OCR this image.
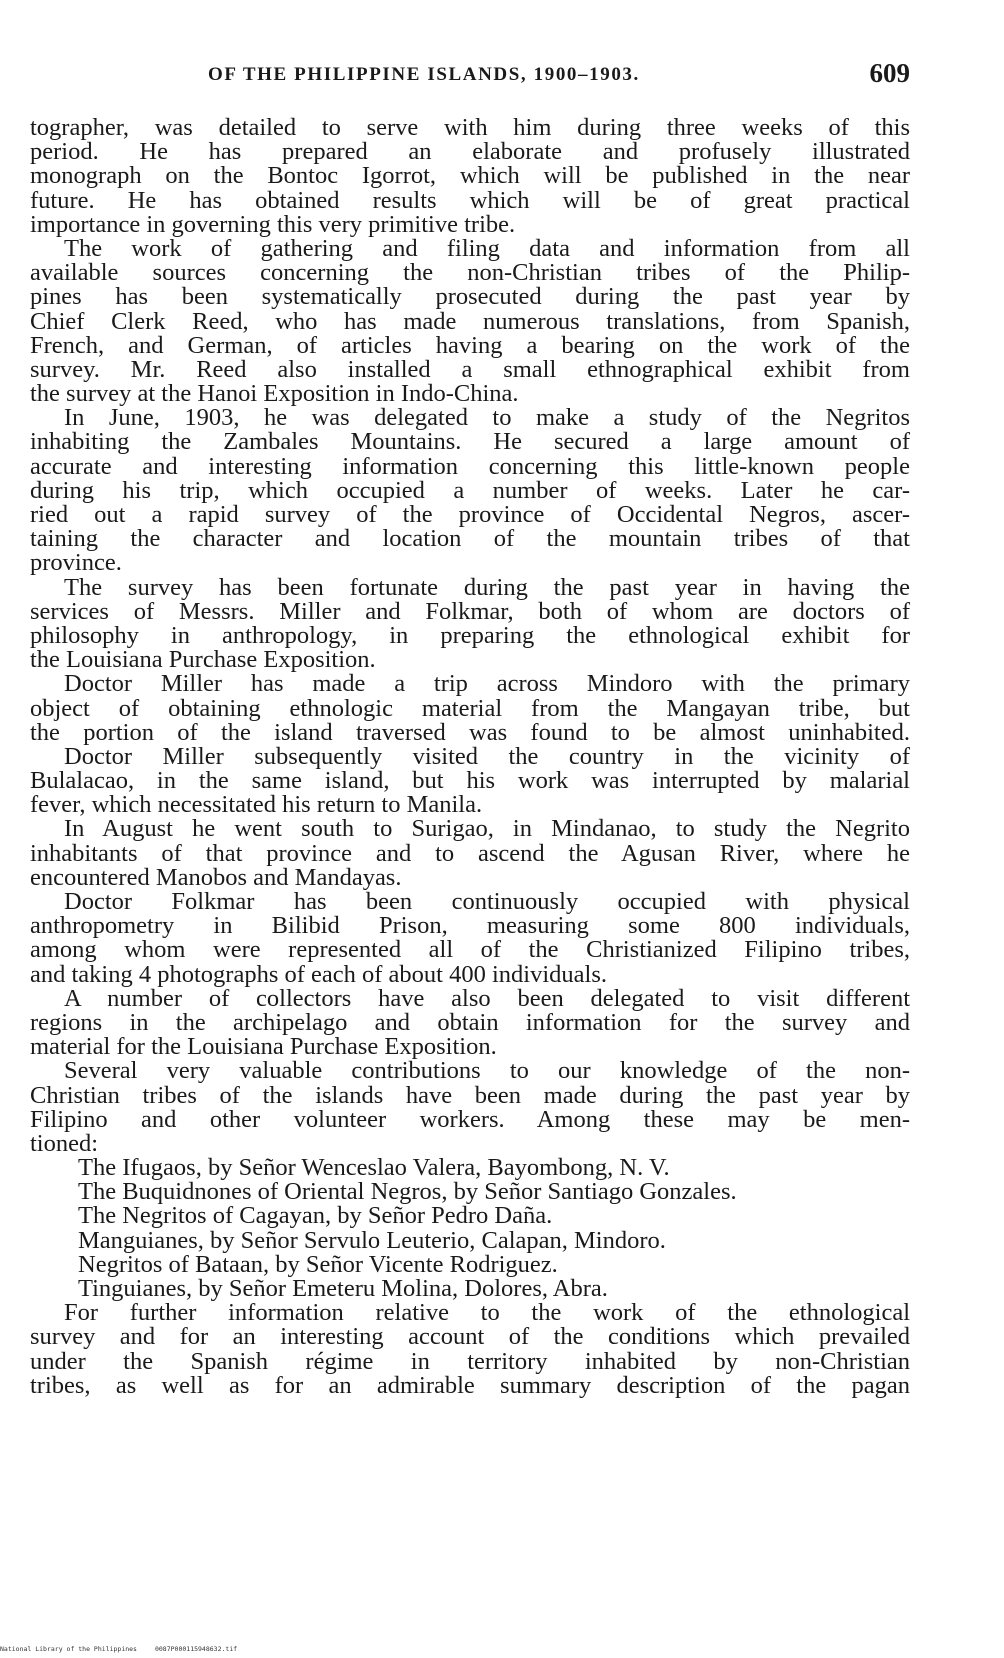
OF THE PHILIPPINE ISLANDS, 1900–1903.	609
tographer, was detailed to serve with him during three weeks of this
period. He has prepared an elaborate and profusely illustrated
monograph on the Bontoc Igorrot, which will be published in the near
future. He has obtained results which will be of great practical
importance in governing this very primitive tribe.
The work of gathering and filing data and information from all
available sources concerning the non-Christian tribes of the Philip-
pines has been systematically prosecuted during the past year by
Chief Clerk Reed, who has made numerous translations, from Spanish,
French, and German, of articles having a bearing on the work of the
survey. Mr. Reed also installed a small ethnographical exhibit from
the survey at the Hanoi Exposition in Indo-China.
In June, 1903, he was delegated to make a study of the Negritos
inhabiting the Zambales Mountains. He secured a large amount of
accurate and interesting information concerning this little-known people
during his trip, which occupied a number of weeks. Later he car-
ried out a rapid survey of the province of Occidental Negros, ascer-
taining the character and location of the mountain tribes of that
province.
The survey has been fortunate during the past year in having the
services of Messrs. Miller and Folkmar, both of whom are doctors of
philosophy in anthropology, in preparing the ethnological exhibit for
the Louisiana Purchase Exposition.
Doctor Miller has made a trip across Mindoro with the primary
object of obtaining ethnologic material from the Mangayan tribe, but
the portion of the island traversed was found to be almost uninhabited.
Doctor Miller subsequently visited the country in the vicinity of
Bulalacao, in the same island, but his work was interrupted by malarial
fever, which necessitated his return to Manila.
In August he went south to Surigao, in Mindanao, to study the Negrito
inhabitants of that province and to ascend the Agusan River, where he
encountered Manobos and Mandayas.
Doctor Folkmar has been continuously occupied with physical
anthropometry in Bilibid Prison, measuring some 800 individuals,
among whom were represented all of the Christianized Filipino tribes,
and taking 4 photographs of each of about 400 individuals.
A number of collectors have also been delegated to visit different
regions in the archipelago and obtain information for the survey and
material for the Louisiana Purchase Exposition.
Several very valuable contributions to our knowledge of the non-
Christian tribes of the islands have been made during the past year by
Filipino and other volunteer workers. Among these may be men-
tioned:
The Ifugaos, by Señor Wenceslao Valera, Bayombong, N. V.
The Buquidnones of Oriental Negros, by Señor Santiago Gonzales.
The Negritos of Cagayan, by Señor Pedro Daña.
Manguianes, by Señor Servulo Leuterio, Calapan, Mindoro.
Negritos of Bataan, by Señor Vicente Rodriguez.
Tinguianes, by Señor Emeteru Molina, Dolores, Abra.
For further information relative to the work of the ethnological
survey and for an interesting account of the conditions which prevailed
under the Spanish régime in territory inhabited by non-Christian
tribes, as well as for an admirable summary description of the pagan
National Library of the Philippines	0087P000115948632.tif
